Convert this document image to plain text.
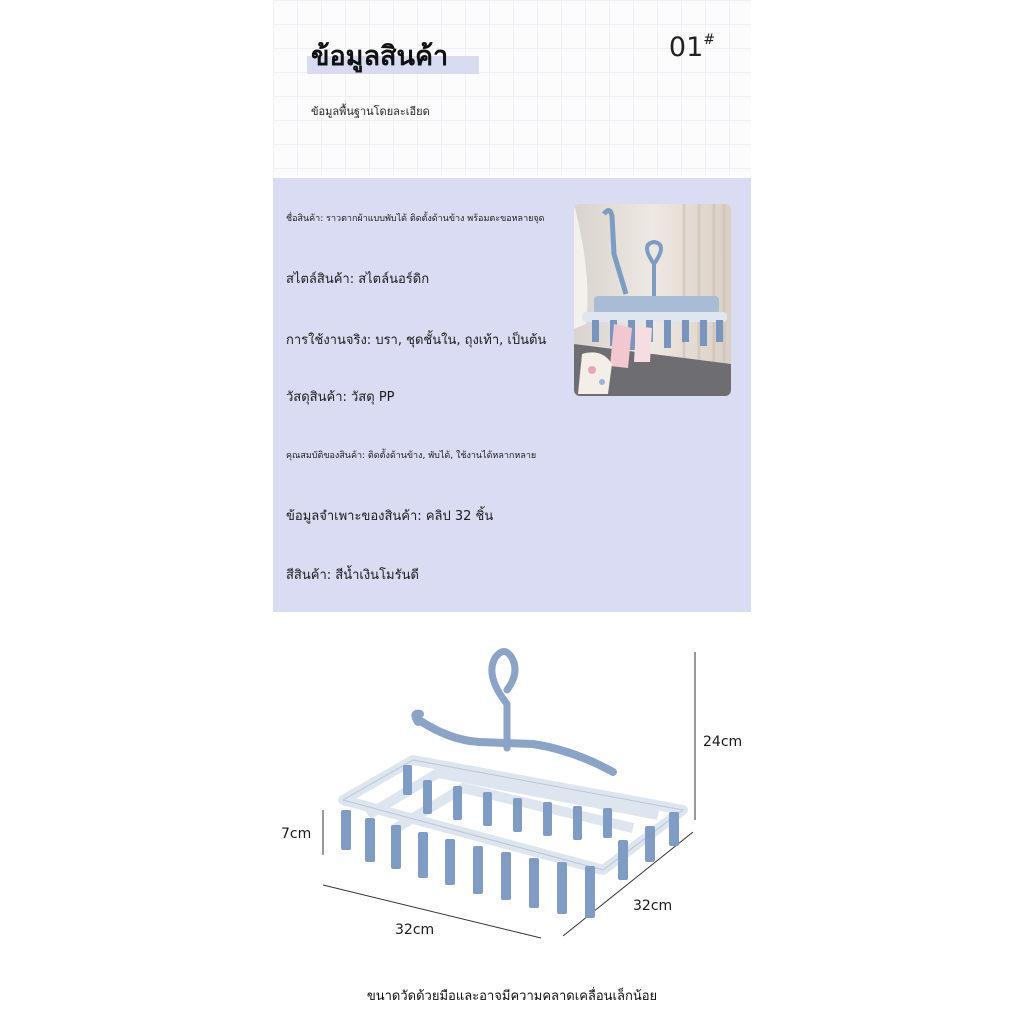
ข้อมูลสินค้า
ข้อมูลพื้นฐานโดยละเอียด
01#
ชื่อสินค้า: ราวตากผ้าแบบพับได้ ติดตั้งด้านข้าง พร้อมตะขอหลายจุด
สไตล์สินค้า: สไตล์นอร์ดิก
การใช้งานจริง: บรา, ชุดชั้นใน, ถุงเท้า, เป็นต้น
วัสดุสินค้า: วัสดุ PP
คุณสมบัติของสินค้า: ติดตั้งด้านข้าง, พับได้, ใช้งานได้หลากหลาย
ข้อมูลจำเพาะของสินค้า: คลิป 32 ชิ้น
สีสินค้า: สีน้ำเงินโมรันดี
24cm
7cm
32cm
32cm
ขนาดวัดด้วยมือและอาจมีความคลาดเคลื่อนเล็กน้อย
